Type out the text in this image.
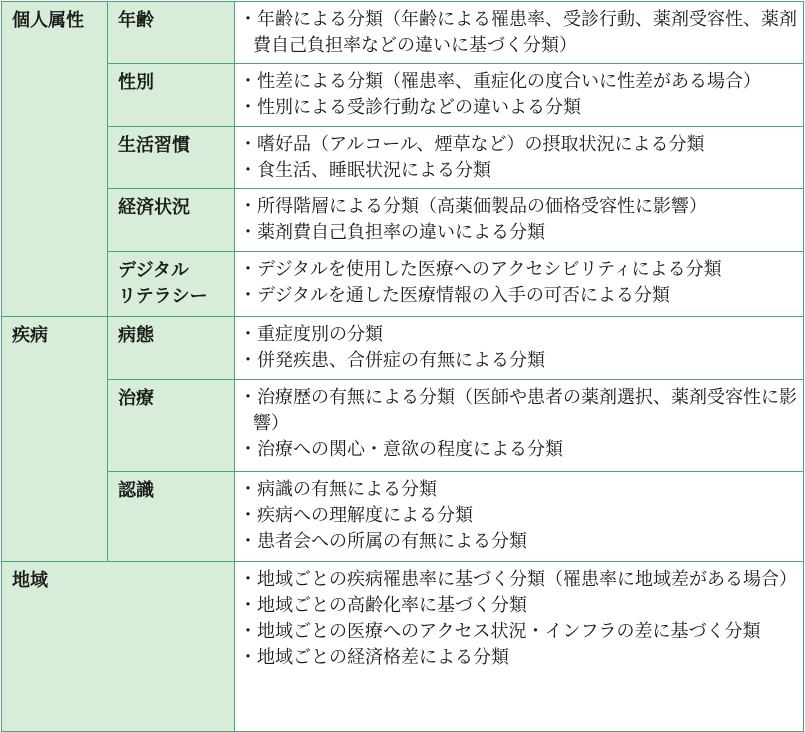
個人属性	年齢	・年齢による分類（年齢による罹患率、受診行動、薬剤受容性、薬剤費自己負担率などの違いに基づく分類）

	性別	・性差による分類（罹患率、重症化の度合いに性差がある場合）
・性別による受診行動などの違いよる分類

	生活習慣	・嗜好品（アルコール、煙草など）の摂取状況による分類
・食生活、睡眠状況による分類

	経済状況	・所得階層による分類（高薬価製品の価格受容性に影響）
・薬剤費自己負担率の違いによる分類

	デジタル
リテラシー	・デジタルを使用した医療へのアクセシビリティによる分類
・デジタルを通した医療情報の入手の可否による分類

疾病	病態	・重症度別の分類
・併発疾患、合併症の有無による分類

	治療	・治療歴の有無による分類（医師や患者の薬剤選択、薬剤受容性に影響）
・治療への関心・意欲の程度による分類

	認識	・病識の有無による分類
・疾病への理解度による分類
・患者会への所属の有無による分類

地域		・地域ごとの疾病罹患率に基づく分類（罹患率に地域差がある場合）
・地域ごとの高齢化率に基づく分類
・地域ごとの医療へのアクセス状況・インフラの差に基づく分類
・地域ごとの経済格差による分類
